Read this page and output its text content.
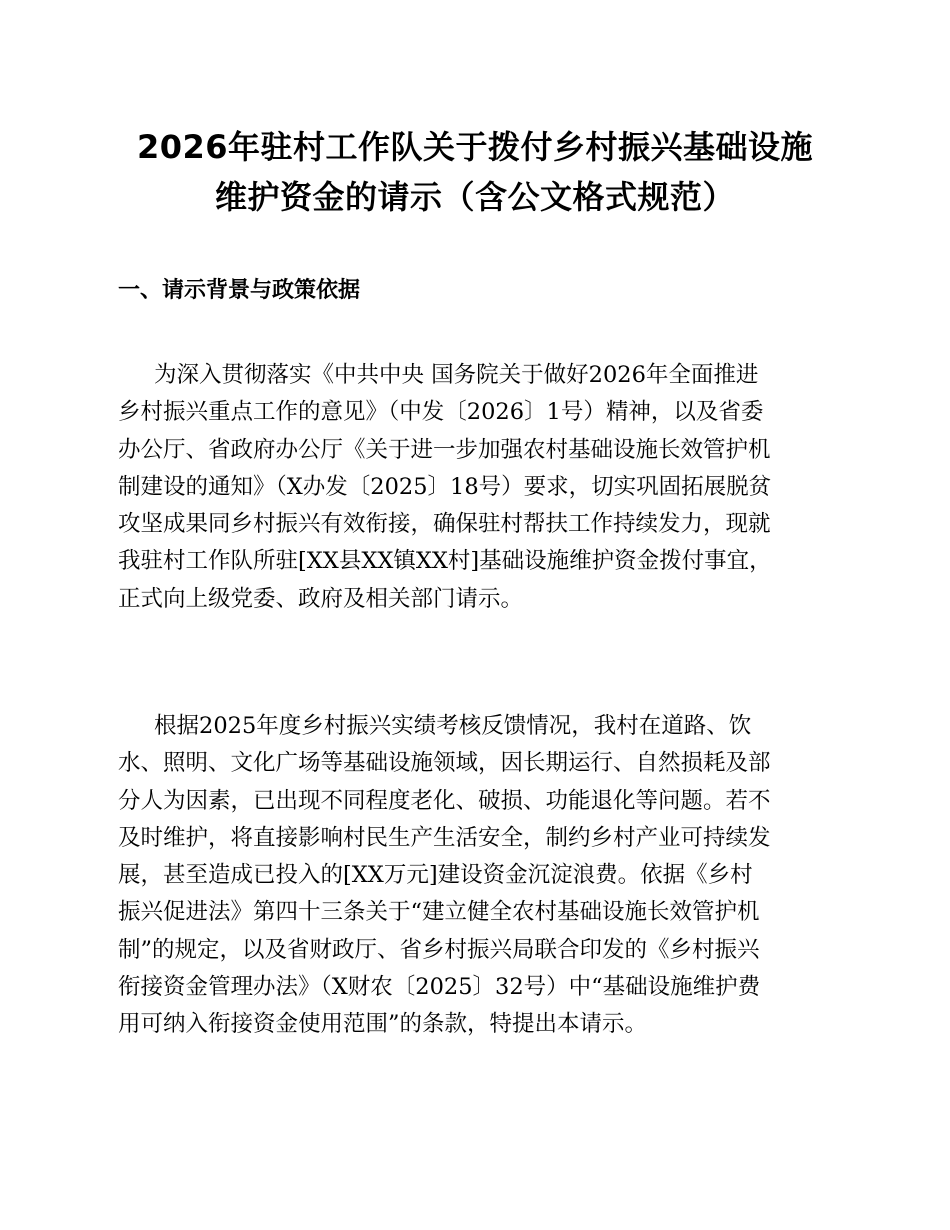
2026年驻村工作队关于拨付乡村振兴基础设施
维护资金的请示（含公文格式规范）
一、请示背景与政策依据
为深入贯彻落实《中共中央 国务院关于做好2026年全面推进
乡村振兴重点工作的意见》（中发〔2026〕1号）精神，以及省委
办公厅、省政府办公厅《关于进一步加强农村基础设施长效管护机
制建设的通知》（X办发〔2025〕18号）要求，切实巩固拓展脱贫
攻坚成果同乡村振兴有效衔接，确保驻村帮扶工作持续发力，现就
我驻村工作队所驻[XX县XX镇XX村]基础设施维护资金拨付事宜，
正式向上级党委、政府及相关部门请示。
根据2025年度乡村振兴实绩考核反馈情况，我村在道路、饮
水、照明、文化广场等基础设施领域，因长期运行、自然损耗及部
分人为因素，已出现不同程度老化、破损、功能退化等问题。若不
及时维护，将直接影响村民生产生活安全，制约乡村产业可持续发
展，甚至造成已投入的[XX万元]建设资金沉淀浪费。依据《乡村
振兴促进法》第四十三条关于“建立健全农村基础设施长效管护机
制”的规定，以及省财政厅、省乡村振兴局联合印发的《乡村振兴
衔接资金管理办法》（X财农〔2025〕32号）中“基础设施维护费
用可纳入衔接资金使用范围”的条款，特提出本请示。
